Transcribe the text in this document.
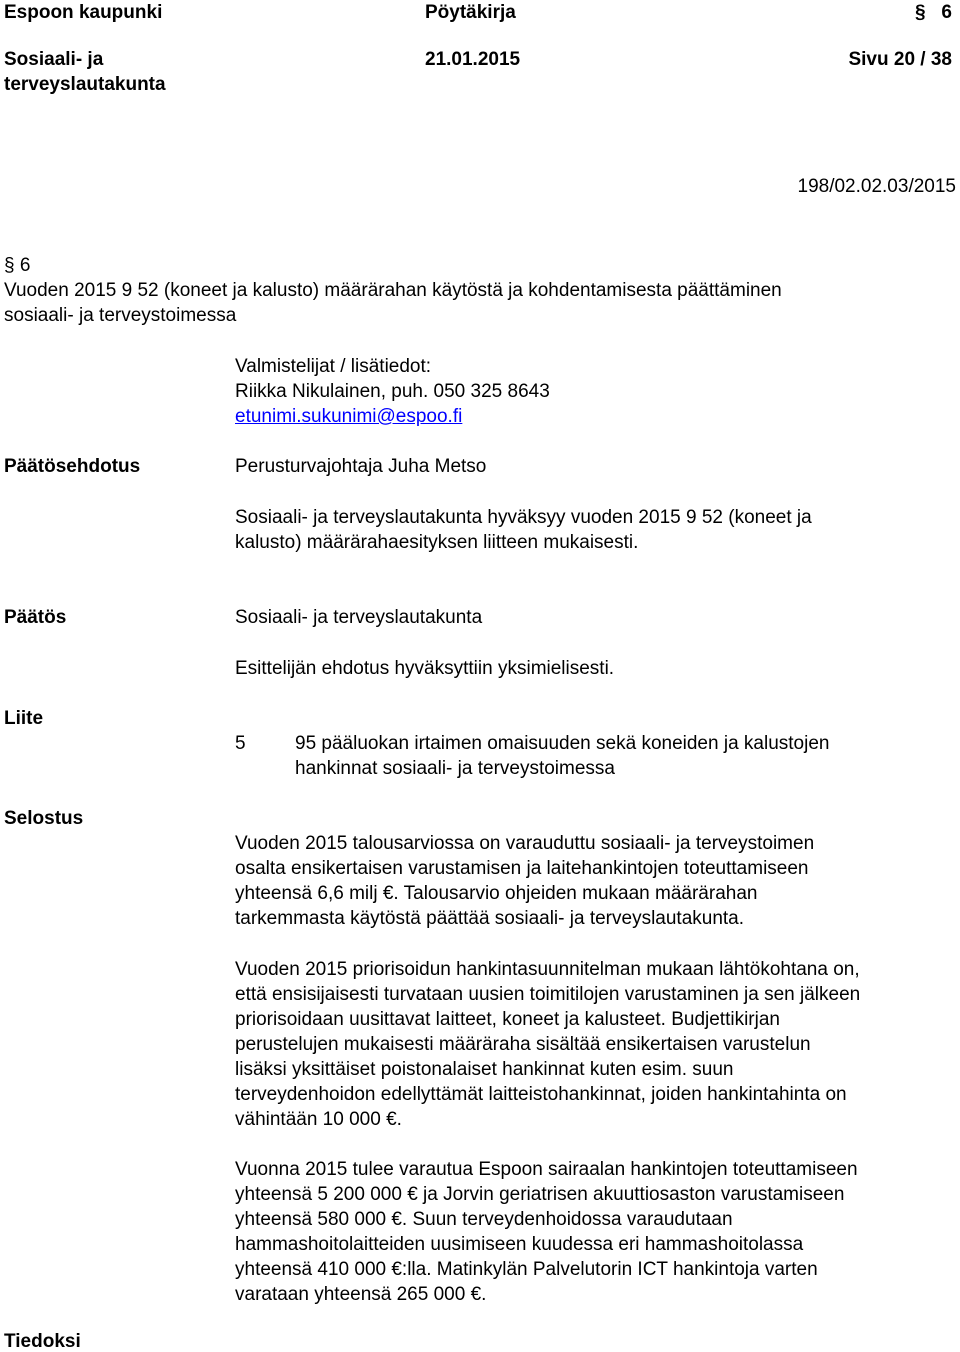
Espoon kaupunki	Pöytäkirja	§ 6
Sosiaali- ja
terveyslautakunta
21.01.2015	Sivu 20 / 38
198/02.02.03/2015
§ 6
Vuoden 2015 9 52 (koneet ja kalusto) määrärahan käytöstä ja kohdentamisesta päättäminen
sosiaali- ja terveystoimessa
Valmistelijat / lisätiedot:
Riikka Nikulainen, puh. 050 325 8643
etunimi.sukunimi@espoo.fi
Päätösehdotus	Perusturvajohtaja Juha Metso
Sosiaali- ja terveyslautakunta hyväksyy vuoden 2015 9 52 (koneet ja
kalusto) määrärahaesityksen liitteen mukaisesti.
Päätös	Sosiaali- ja terveyslautakunta
Esittelijän ehdotus hyväksyttiin yksimielisesti.
Liite
5	95 pääluokan irtaimen omaisuuden sekä koneiden ja kalustojen
hankinnat sosiaali- ja terveystoimessa
Selostus
Vuoden 2015 talousarviossa on varauduttu sosiaali- ja terveystoimen
osalta ensikertaisen varustamisen ja laitehankintojen toteuttamiseen
yhteensä 6,6 milj €. Talousarvio ohjeiden mukaan määrärahan
tarkemmasta käytöstä päättää sosiaali- ja terveyslautakunta.
Vuoden 2015 priorisoidun hankintasuunnitelman mukaan lähtökohtana on,
että ensisijaisesti turvataan uusien toimitilojen varustaminen ja sen jälkeen
priorisoidaan uusittavat laitteet, koneet ja kalusteet. Budjettikirjan
perustelujen mukaisesti määräraha sisältää ensikertaisen varustelun
lisäksi yksittäiset poistonalaiset hankinnat kuten esim. suun
terveydenhoidon edellyttämät laitteistohankinnat, joiden hankintahinta on
vähintään 10 000 €.
Vuonna 2015 tulee varautua Espoon sairaalan hankintojen toteuttamiseen
yhteensä 5 200 000 € ja Jorvin geriatrisen akuuttiosaston varustamiseen
yhteensä 580 000 €. Suun terveydenhoidossa varaudutaan
hammashoitolaitteiden uusimiseen kuudessa eri hammashoitolassa
yhteensä 410 000 €:lla. Matinkylän Palvelutorin ICT hankintoja varten
varataan yhteensä 265 000 €.
Tiedoksi
